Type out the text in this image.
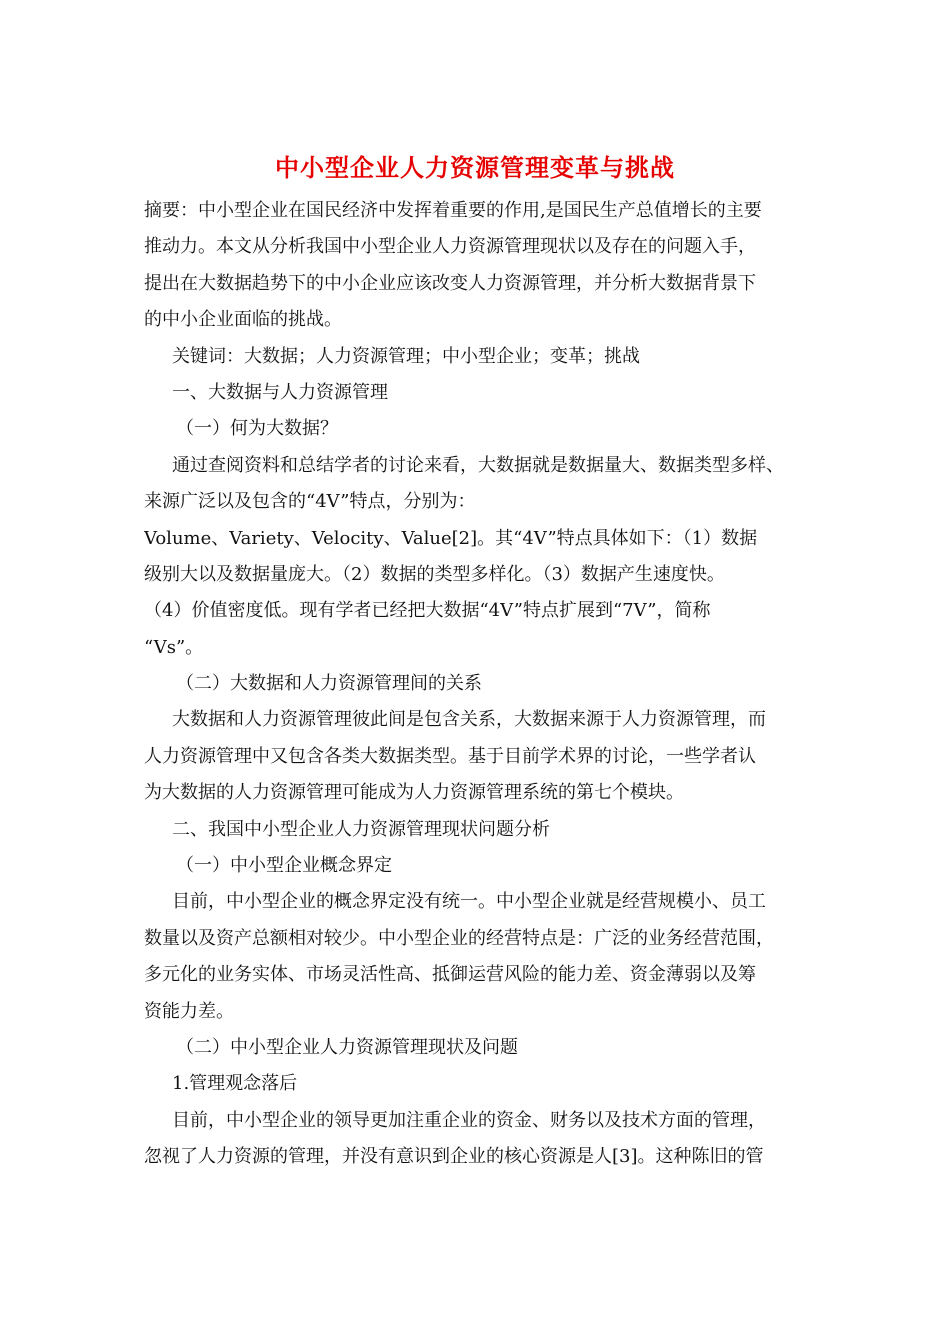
中小型企业人力资源管理变革与挑战
摘要：中小型企业在国民经济中发挥着重要的作用,是国民生产总值增长的主要
推动力。本文从分析我国中小型企业人力资源管理现状以及存在的问题入手，
提出在大数据趋势下的中小企业应该改变人力资源管理，并分析大数据背景下
的中小企业面临的挑战。
关键词：大数据；人力资源管理；中小型企业；变革；挑战
一、大数据与人力资源管理
（一）何为大数据？
通过查阅资料和总结学者的讨论来看，大数据就是数据量大、数据类型多样、
来源广泛以及包含的“4V”特点，分别为：
Volume、Variety、Velocity、Value[2]。其“4V”特点具体如下：（1）数据
级别大以及数据量庞大。（2）数据的类型多样化。（3）数据产生速度快。
（4）价值密度低。现有学者已经把大数据“4V”特点扩展到“7V”，简称
“Vs”。
（二）大数据和人力资源管理间的关系
大数据和人力资源管理彼此间是包含关系，大数据来源于人力资源管理，而
人力资源管理中又包含各类大数据类型。基于目前学术界的讨论，一些学者认
为大数据的人力资源管理可能成为人力资源管理系统的第七个模块。
二、我国中小型企业人力资源管理现状问题分析
（一）中小型企业概念界定
目前，中小型企业的概念界定没有统一。中小型企业就是经营规模小、员工
数量以及资产总额相对较少。中小型企业的经营特点是：广泛的业务经营范围，
多元化的业务实体、市场灵活性高、抵御运营风险的能力差、资金薄弱以及筹
资能力差。
（二）中小型企业人力资源管理现状及问题
1.管理观念落后
目前，中小型企业的领导更加注重企业的资金、财务以及技术方面的管理，
忽视了人力资源的管理，并没有意识到企业的核心资源是人[3]。这种陈旧的管
